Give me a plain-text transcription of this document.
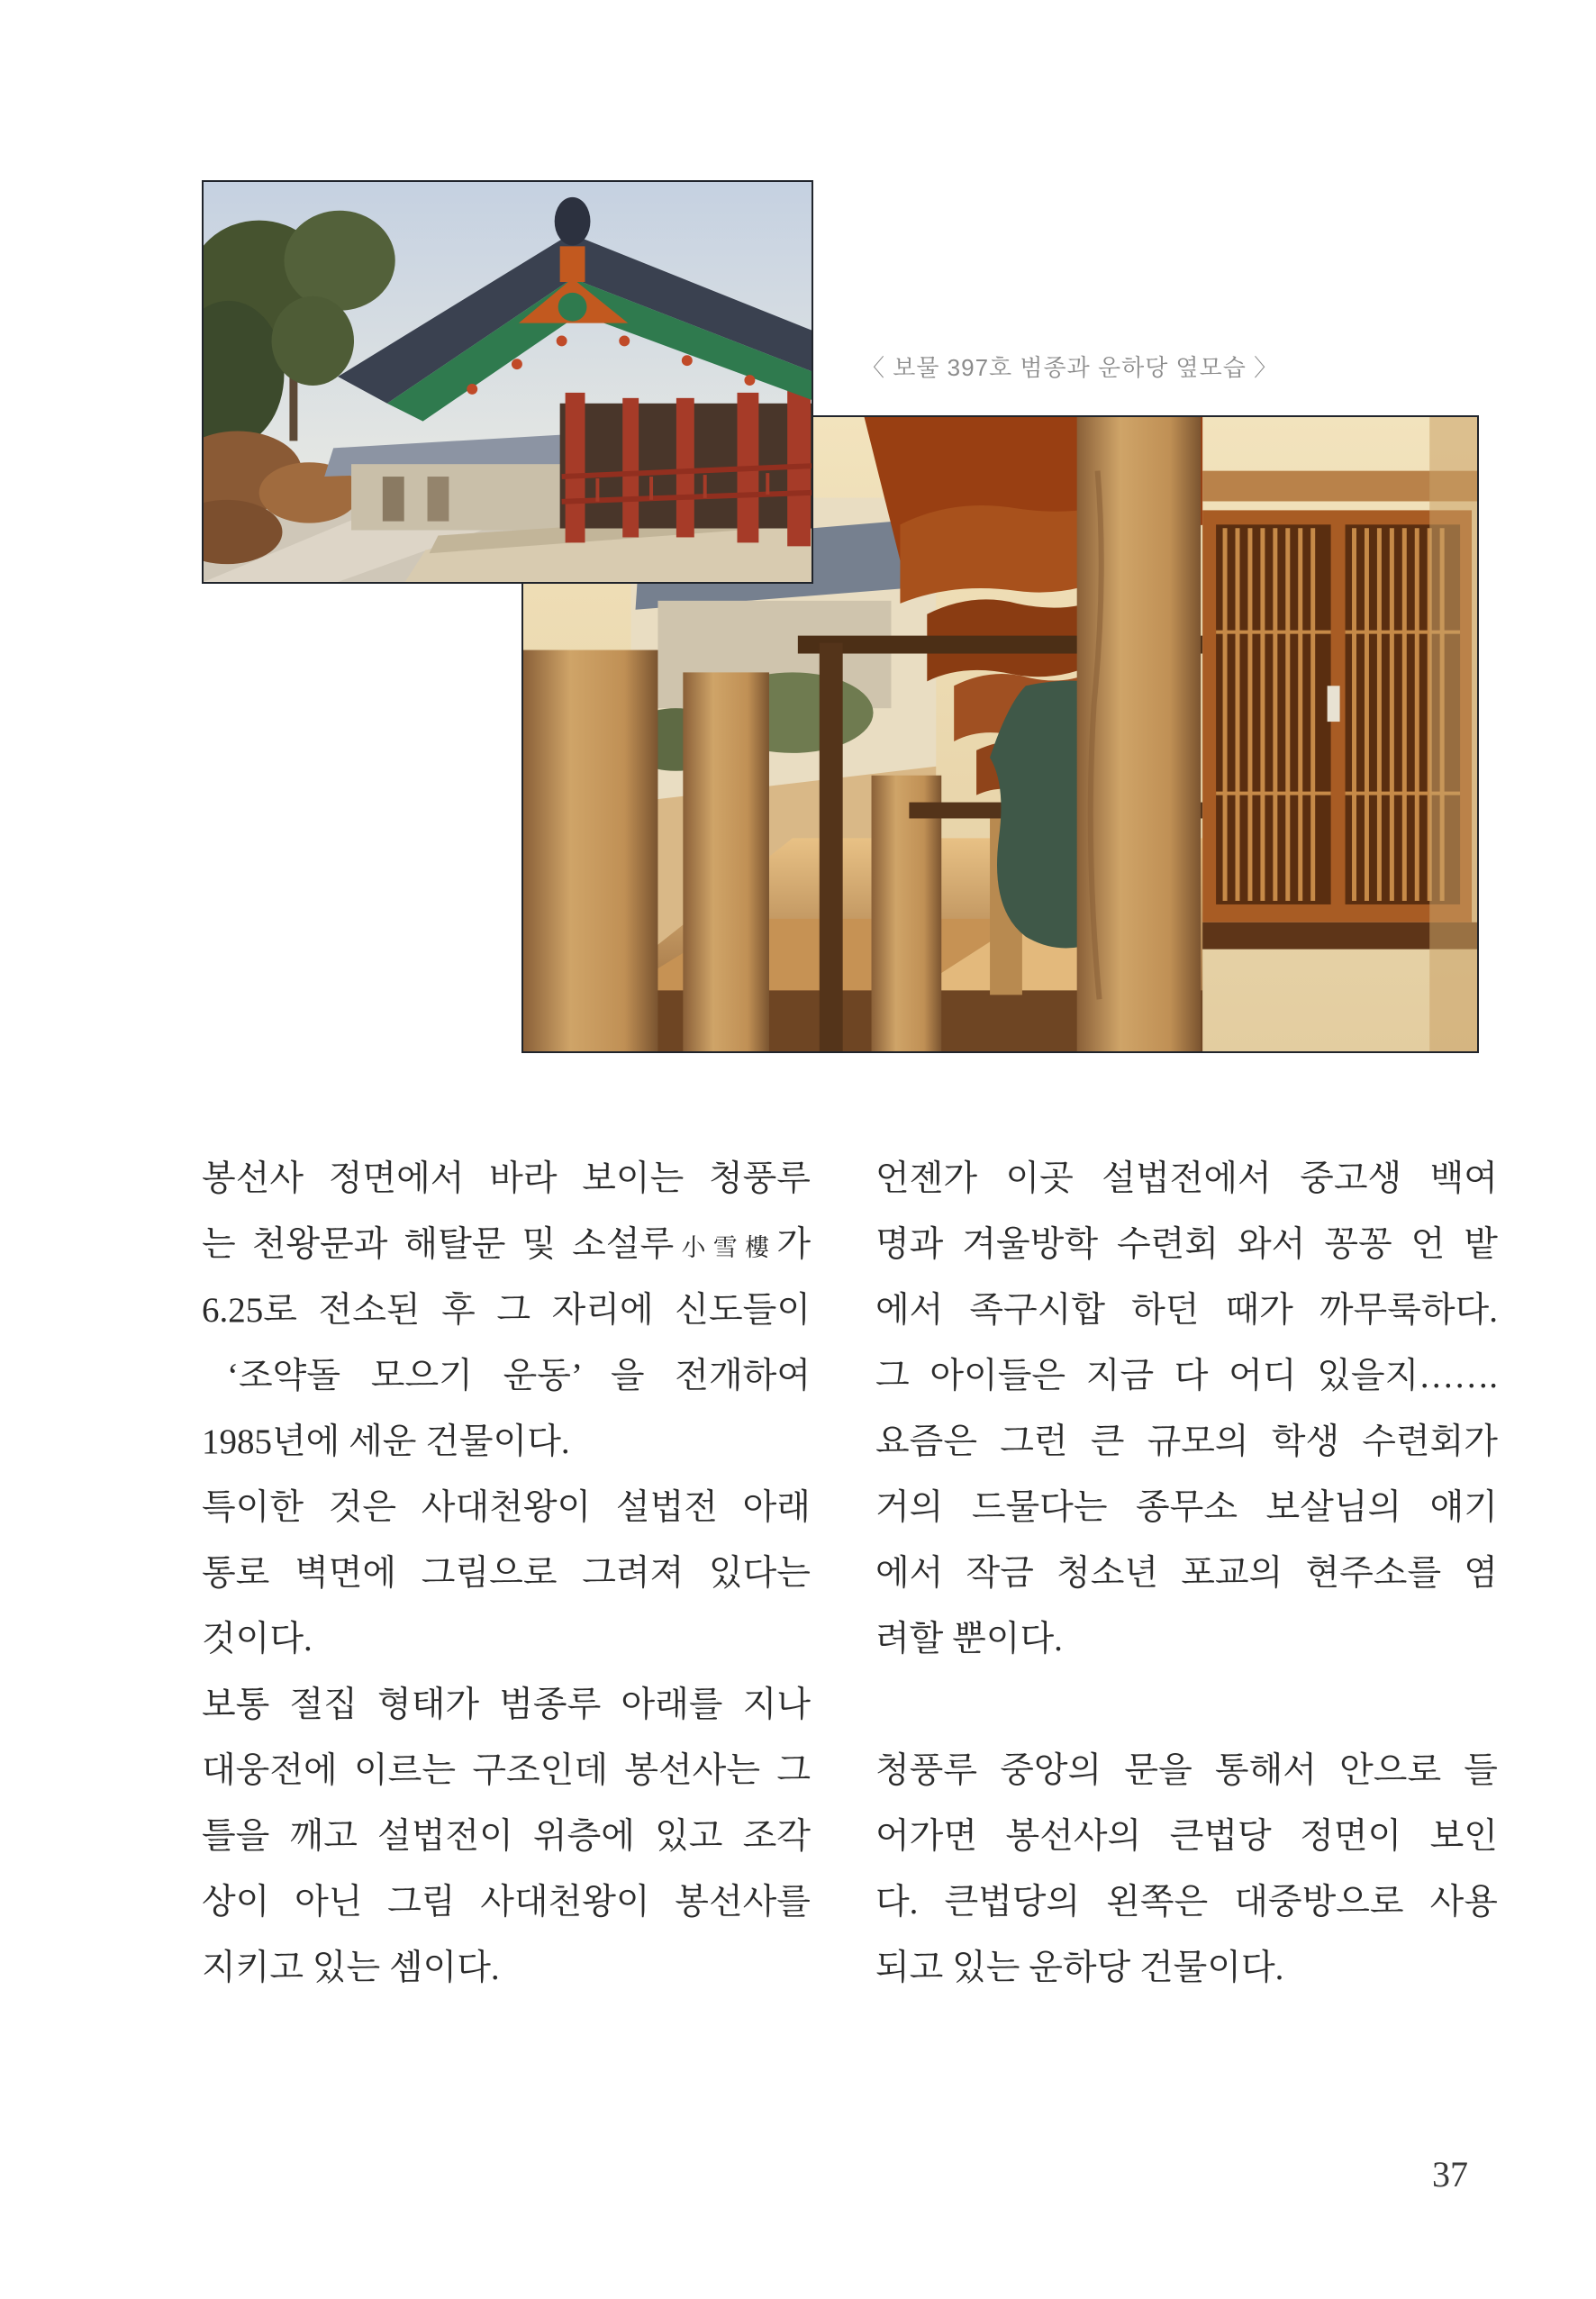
〈 보물 397호 범종과 운하당 옆모습 〉
봉선사 정면에서 바라 보이는 청풍루
는 천왕문과 해탈문 및 소설루小雪樓가
6.25로 전소된 후 그 자리에 신도들이
‘조약돌 모으기 운동’ 을 전개하여
1985년에 세운 건물이다.
특이한 것은 사대천왕이 설법전 아래
통로 벽면에 그림으로 그려져 있다는
것이다.
보통 절집 형태가 범종루 아래를 지나
대웅전에 이르는 구조인데 봉선사는 그
틀을 깨고 설법전이 위층에 있고 조각
상이 아닌 그림 사대천왕이 봉선사를
지키고 있는 셈이다.
언젠가 이곳 설법전에서 중고생 백여
명과 겨울방학 수련회 와서 꽁꽁 언 밭
에서 족구시합 하던 때가 까무룩하다.
그 아이들은 지금 다 어디 있을지…….
요즘은 그런 큰 규모의 학생 수련회가
거의 드물다는 종무소 보살님의 얘기
에서 작금 청소년 포교의 현주소를 염
려할 뿐이다.
청풍루 중앙의 문을 통해서 안으로 들
어가면 봉선사의 큰법당 정면이 보인
다. 큰법당의 왼쪽은 대중방으로 사용
되고 있는 운하당 건물이다.
37
